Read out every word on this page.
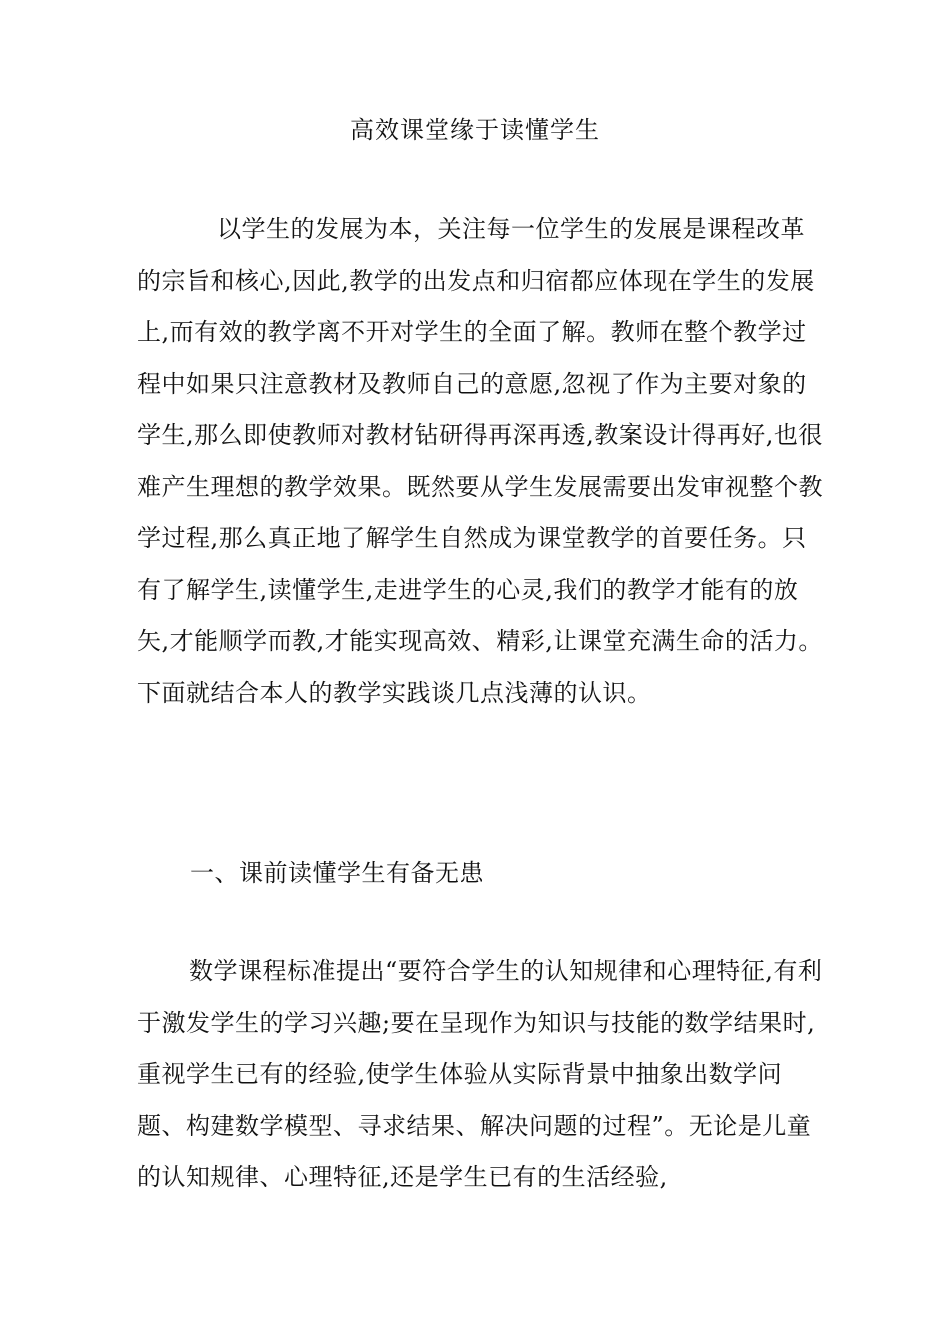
高效课堂缘于读懂学生

以学生的发展为本，关注每一位学生的发展是课程改革的宗旨和核心,因此,教学的出发点和归宿都应体现在学生的发展上,而有效的教学离不开对学生的全面了解。教师在整个教学过程中如果只注意教材及教师自己的意愿,忽视了作为主要对象的学生,那么即使教师对教材钻研得再深再透,教案设计得再好,也很难产生理想的教学效果。既然要从学生发展需要出发审视整个教学过程,那么真正地了解学生自然成为课堂教学的首要任务。只有了解学生,读懂学生,走进学生的心灵,我们的教学才能有的放矢,才能顺学而教,才能实现高效、精彩,让课堂充满生命的活力。下面就结合本人的教学实践谈几点浅薄的认识。

一、课前读懂学生有备无患

数学课程标准提出“要符合学生的认知规律和心理特征,有利于激发学生的学习兴趣;要在呈现作为知识与技能的数学结果时,重视学生已有的经验,使学生体验从实际背景中抽象出数学问题、构建数学模型、寻求结果、解决问题的过程”。无论是儿童的认知规律、心理特征,还是学生已有的生活经验,
